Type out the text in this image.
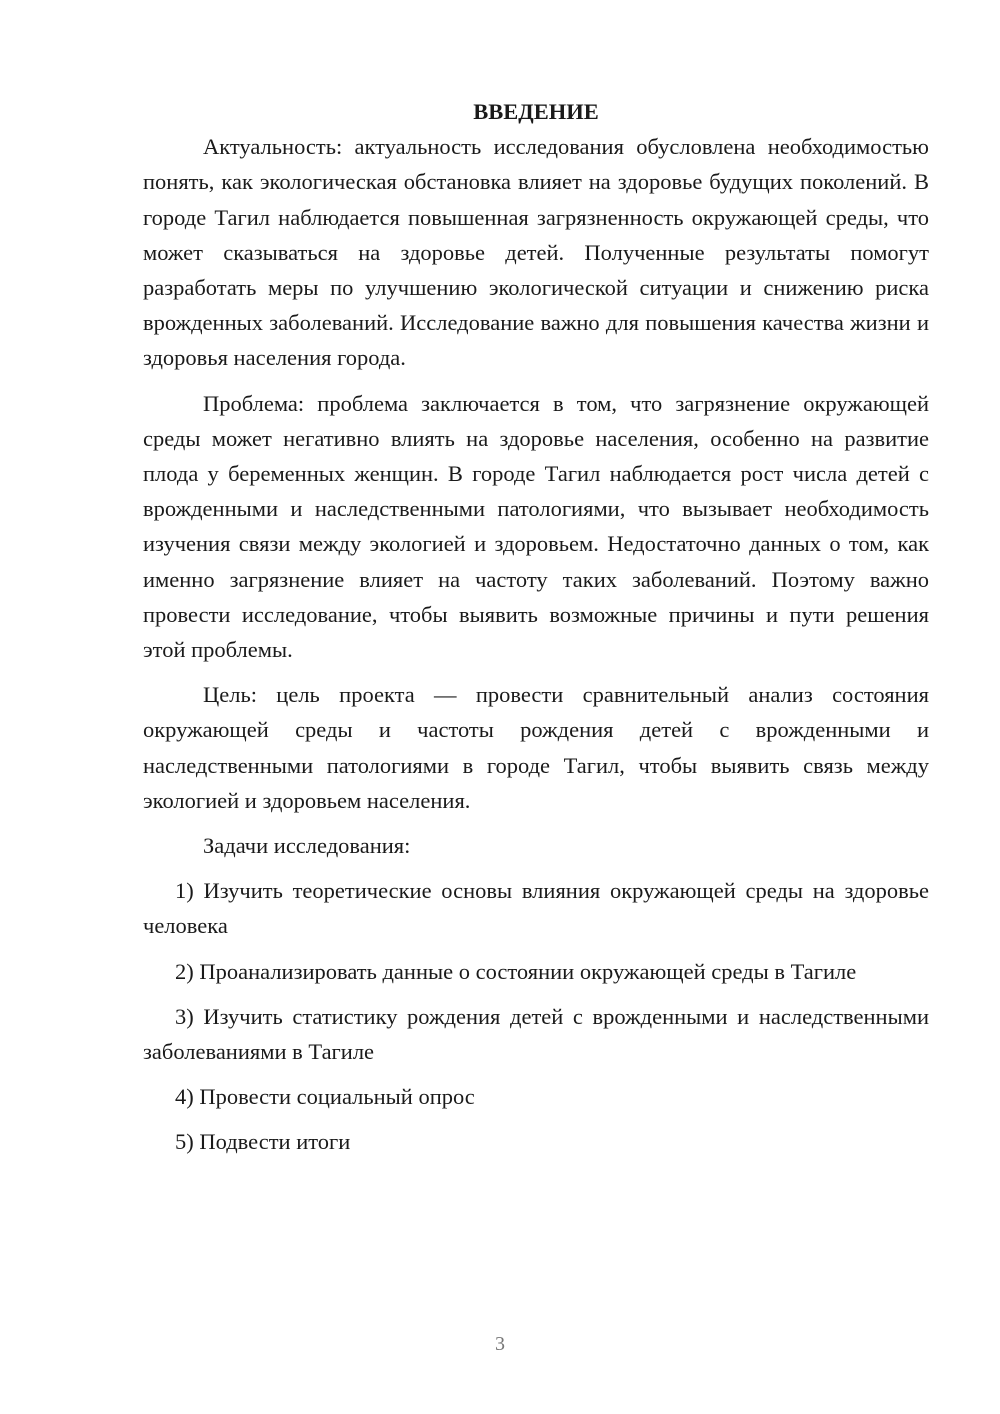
ВВЕДЕНИЕ

Актуальность: актуальность исследования обусловлена необходимостью понять, как экологическая обстановка влияет на здоровье будущих поколений. В городе Тагил наблюдается повышенная загрязненность окружающей среды, что может сказываться на здоровье детей. Полученные результаты помогут разработать меры по улучшению экологической ситуации и снижению риска врожденных заболеваний. Исследование важно для повышения качества жизни и здоровья населения города.

Проблема: проблема заключается в том, что загрязнение окружающей среды может негативно влиять на здоровье населения, особенно на развитие плода у беременных женщин. В городе Тагил наблюдается рост числа детей с врожденными и наследственными патологиями, что вызывает необходимость изучения связи между экологией и здоровьем. Недостаточно данных о том, как именно загрязнение влияет на частоту таких заболеваний. Поэтому важно провести исследование, чтобы выявить возможные причины и пути решения этой проблемы.

Цель: цель проекта — провести сравнительный анализ состояния окружающей среды и частоты рождения детей с врожденными и наследственными патологиями в городе Тагил, чтобы выявить связь между экологией и здоровьем населения.

Задачи исследования:

1) Изучить теоретические основы влияния окружающей среды на здоровье человека

2) Проанализировать данные о состоянии окружающей среды в Тагиле

3) Изучить статистику рождения детей с врожденными и наследственными заболеваниями в Тагиле

4) Провести социальный опрос

5) Подвести итоги

3
